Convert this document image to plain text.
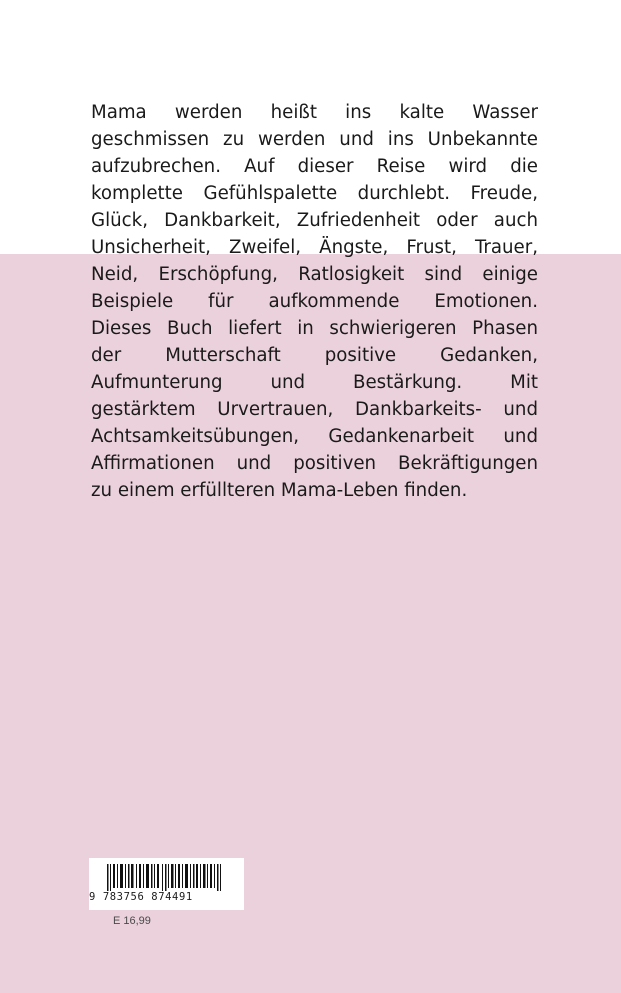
Mama werden heißt ins kalte Wasser
geschmissen zu werden und ins Unbekannte
aufzubrechen. Auf dieser Reise wird die
komplette Gefühlspalette durchlebt. Freude,
Glück, Dankbarkeit, Zufriedenheit oder auch
Unsicherheit, Zweifel, Ängste, Frust, Trauer,
Neid, Erschöpfung, Ratlosigkeit sind einige
Beispiele für aufkommende Emotionen.
Dieses Buch liefert in schwierigeren Phasen
der Mutterschaft positive Gedanken,
Aufmunterung und Bestärkung. Mit
gestärktem Urvertrauen, Dankbarkeits- und
Achtsamkeitsübungen, Gedankenarbeit und
Affirmationen und positiven Bekräftigungen
zu einem erfüllteren Mama-Leben finden.
9 783756 874491
E 16,99
